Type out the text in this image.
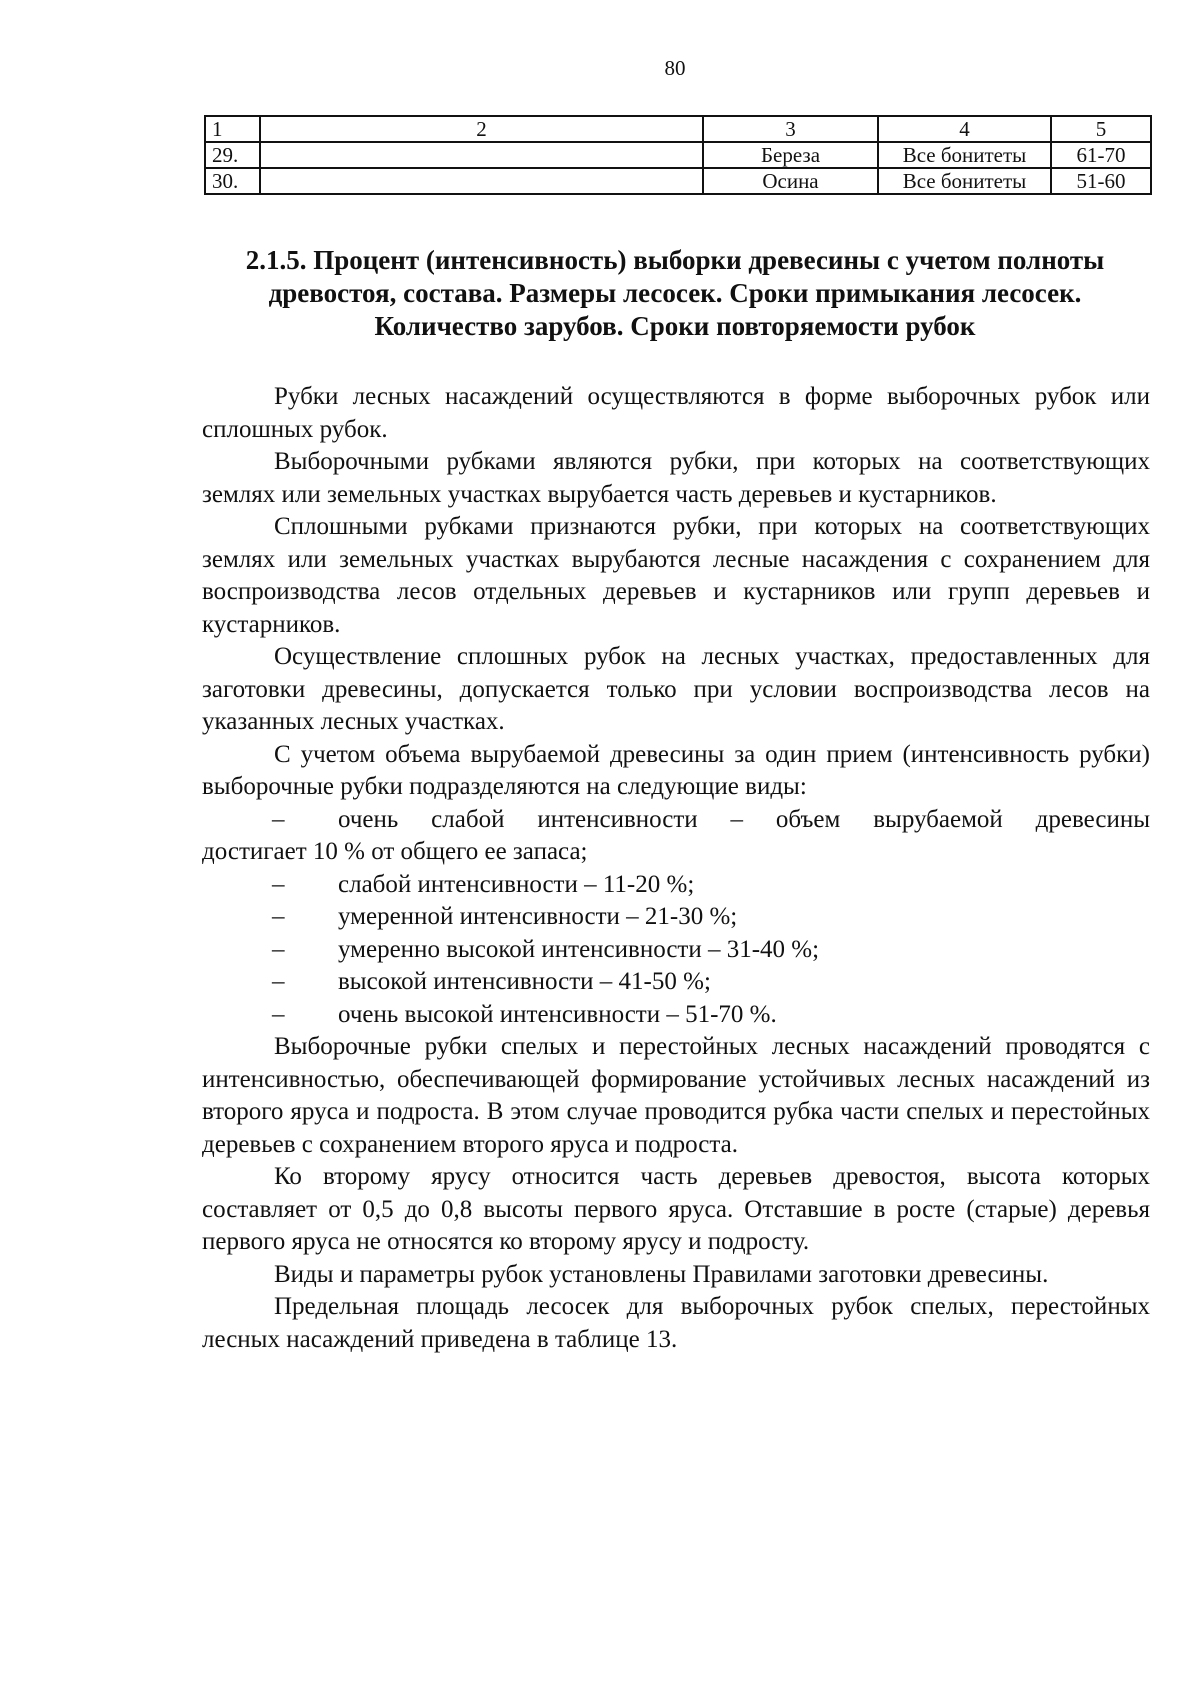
80
1	2	3	4	5
29.		Береза	Все бонитеты	61-70
30.		Осина	Все бонитеты	51-60
2.1.5. Процент (интенсивность) выборки древесины с учетом полноты
древостоя, состава. Размеры лесосек. Сроки примыкания лесосек.
Количество зарубов. Сроки повторяемости рубок

Рубки лесных насаждений осуществляются в форме выборочных рубок или сплошных рубок.

Выборочными рубками являются рубки, при которых на соответствующих землях или земельных участках вырубается часть деревьев и кустарников.

Сплошными рубками признаются рубки, при которых на соответствующих землях или земельных участках вырубаются лесные насаждения с сохранением для воспроизводства лесов отдельных деревьев и кустарников или групп деревьев и кустарников.

Осуществление сплошных рубок на лесных участках, предоставленных для заготовки древесины, допускается только при условии воспроизводства лесов на указанных лесных участках.

С учетом объема вырубаемой древесины за один прием (интенсивность рубки) выборочные рубки подразделяются на следующие виды:

–	очень слабой интенсивности – объем вырубаемой древесины

достигает 10 % от общего ее запаса;

–	слабой интенсивности – 11-20 %;
–	умеренной интенсивности – 21-30 %;
–	умеренно высокой интенсивности – 31-40 %;
–	высокой интенсивности – 41-50 %;
–	очень высокой интенсивности – 51-70 %.

Выборочные рубки спелых и перестойных лесных насаждений проводятся с интенсивностью, обеспечивающей формирование устойчивых лесных насаждений из второго яруса и подроста. В этом случае проводится рубка части спелых и перестойных деревьев с сохранением второго яруса и подроста.

Ко второму ярусу относится часть деревьев древостоя, высота которых составляет от 0,5 до 0,8 высоты первого яруса. Отставшие в росте (старые) деревья первого яруса не относятся ко второму ярусу и подросту.

Виды и параметры рубок установлены Правилами заготовки древесины.

Предельная площадь лесосек для выборочных рубок спелых, перестойных лесных насаждений приведена в таблице 13.
